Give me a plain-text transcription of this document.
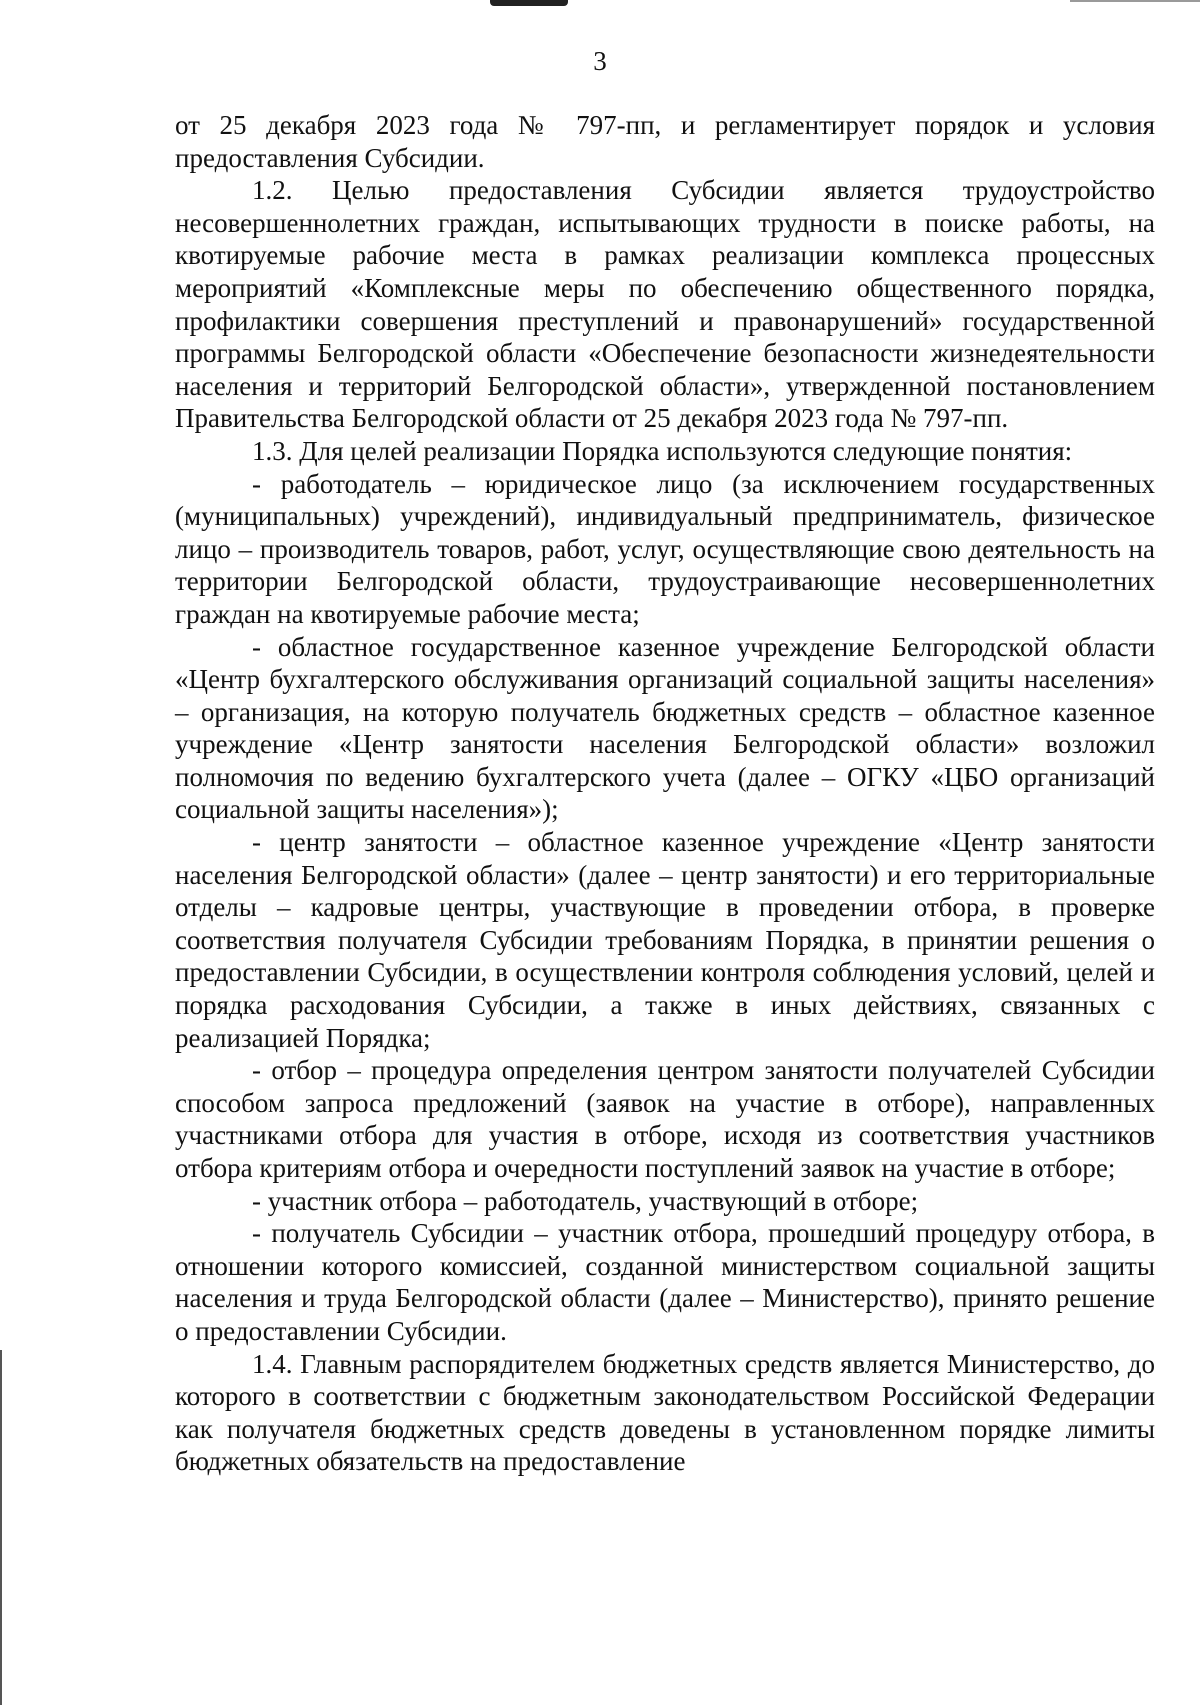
3

от 25 декабря 2023 года № 797-пп, и регламентирует порядок и условия предоставления Субсидии.

1.2. Целью предоставления Субсидии является трудоустройство несовершеннолетних граждан, испытывающих трудности в поиске работы, на квотируемые рабочие места в рамках реализации комплекса процессных мероприятий «Комплексные меры по обеспечению общественного порядка, профилактики совершения преступлений и правонарушений» государственной программы Белгородской области «Обеспечение безопасности жизнедеятельности населения и территорий Белгородской области», утвержденной постановлением Правительства Белгородской области от 25 декабря 2023 года № 797-пп.

1.3. Для целей реализации Порядка используются следующие понятия:

- работодатель – юридическое лицо (за исключением государственных (муниципальных) учреждений), индивидуальный предприниматель, физическое лицо – производитель товаров, работ, услуг, осуществляющие свою деятельность на территории Белгородской области, трудоустраивающие несовершеннолетних граждан на квотируемые рабочие места;

- областное государственное казенное учреждение Белгородской области «Центр бухгалтерского обслуживания организаций социальной защиты населения» – организация, на которую получатель бюджетных средств – областное казенное учреждение «Центр занятости населения Белгородской области» возложил полномочия по ведению бухгалтерского учета (далее – ОГКУ «ЦБО организаций социальной защиты населения»);

- центр занятости – областное казенное учреждение «Центр занятости населения Белгородской области» (далее – центр занятости) и его территориальные отделы – кадровые центры, участвующие в проведении отбора, в проверке соответствия получателя Субсидии требованиям Порядка, в принятии решения о предоставлении Субсидии, в осуществлении контроля соблюдения условий, целей и порядка расходования Субсидии, а также в иных действиях, связанных с реализацией Порядка;

- отбор – процедура определения центром занятости получателей Субсидии способом запроса предложений (заявок на участие в отборе), направленных участниками отбора для участия в отборе, исходя из соответствия участников отбора критериям отбора и очередности поступлений заявок на участие в отборе;

- участник отбора – работодатель, участвующий в отборе;

- получатель Субсидии – участник отбора, прошедший процедуру отбора, в отношении которого комиссией, созданной министерством социальной защиты населения и труда Белгородской области (далее – Министерство), принято решение о предоставлении Субсидии.

1.4. Главным распорядителем бюджетных средств является Министерство, до которого в соответствии с бюджетным законодательством Российской Федерации как получателя бюджетных средств доведены в установленном порядке лимиты бюджетных обязательств на предоставление
